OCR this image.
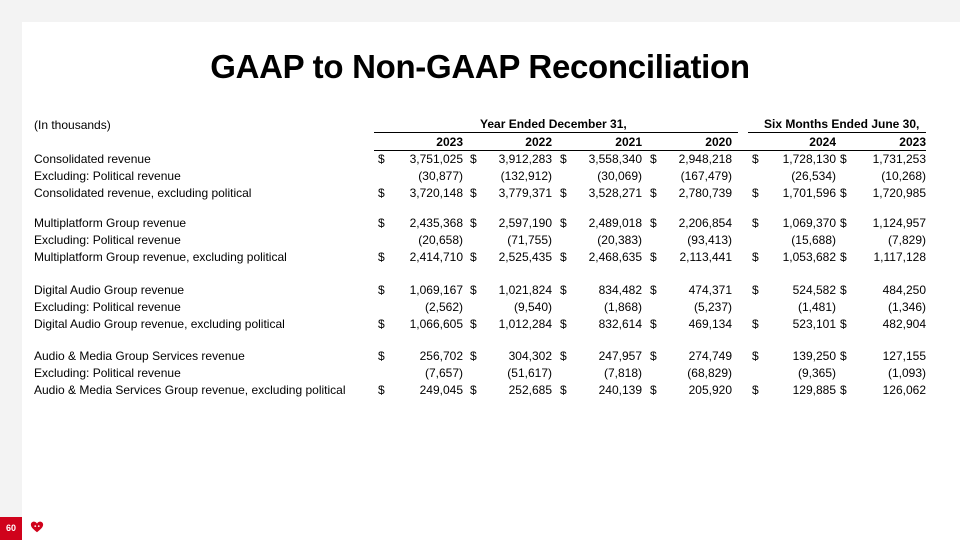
GAAP to Non-GAAP Reconciliation
(In thousands)	Year Ended December 31,	Six Months Ended June 30,
2023	2022	2021	2020	2024	2023
Consolidated revenue	$	3,751,025 $	3,912,283 $	3,558,340 $	2,948,218 $	1,728,130 $	1,731,253
Excluding: Political revenue	(30,877)	(132,912)	(30,069)	(167,479)	(26,534)	(10,268)
Consolidated revenue, excluding political	$	3,720,148 $	3,779,371 $	3,528,271 $	2,780,739 $	1,701,596 $	1,720,985
Multiplatform Group revenue	$	2,435,368 $	2,597,190 $	2,489,018 $	2,206,854 $	1,069,370 $	1,124,957
Excluding: Political revenue	(20,658)	(71,755)	(20,383)	(93,413)	(15,688)	(7,829)
Multiplatform Group revenue, excluding political	$	2,414,710 $	2,525,435 $	2,468,635 $	2,113,441 $	1,053,682 $	1,117,128
Digital Audio Group revenue	$	1,069,167 $	1,021,824 $	834,482 $	474,371 $	524,582 $	484,250
Excluding: Political revenue	(2,562)	(9,540)	(1,868)	(5,237)	(1,481)	(1,346)
Digital Audio Group revenue, excluding political	$	1,066,605 $	1,012,284 $	832,614 $	469,134 $	523,101 $	482,904
Audio & Media Group Services revenue	$	256,702 $	304,302 $	247,957 $	274,749 $	139,250 $	127,155
Excluding: Political revenue	(7,657)	(51,617)	(7,818)	(68,829)	(9,365)	(1,093)
Audio & Media Services Group revenue, excluding political	$	249,045 $	252,685 $	240,139 $	205,920 $	129,885 $	126,062
60
